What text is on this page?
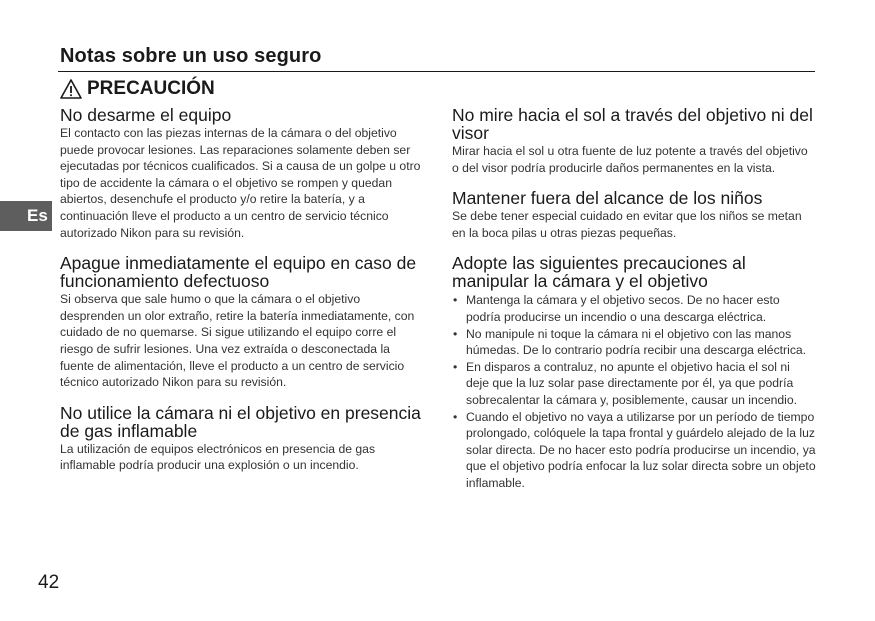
Notas sobre un uso seguro
PRECAUCIÓN
Es
No desarme el equipo

El contacto con las piezas internas de la cámara o del objetivo puede provocar lesiones. Las reparaciones solamente deben ser ejecutadas por técnicos cualificados. Si a causa de un golpe u otro tipo de accidente la cámara o el objetivo se rompen y quedan abiertos, desenchufe el producto y/o retire la batería, y a continuación lleve el producto a un centro de servicio técnico autorizado Nikon para su revisión.

Apague inmediatamente el equipo en caso de funcionamiento defectuoso

Si observa que sale humo o que la cámara o el objetivo desprenden un olor extraño, retire la batería inmediatamente, con cuidado de no quemarse. Si sigue utilizando el equipo corre el riesgo de sufrir lesiones. Una vez extraída o desconectada la fuente de alimentación, lleve el producto a un centro de servicio técnico autorizado Nikon para su revisión.

No utilice la cámara ni el objetivo en presencia de gas inflamable

La utilización de equipos electrónicos en presencia de gas inflamable podría producir una explosión o un incendio.

No mire hacia el sol a través del objetivo ni del visor

Mirar hacia el sol u otra fuente de luz potente a través del objetivo o del visor podría producirle daños permanentes en la vista.

Mantener fuera del alcance de los niños

Se debe tener especial cuidado en evitar que los niños se metan en la boca pilas u otras piezas pequeñas.

Adopte las siguientes precauciones al manipular la cámara y el objetivo
• Mantenga la cámara y el objetivo secos. De no hacer esto podría producirse un incendio o una descarga eléctrica.
• No manipule ni toque la cámara ni el objetivo con las manos húmedas. De lo contrario podría recibir una descarga eléctrica.
• En disparos a contraluz, no apunte el objetivo hacia el sol ni deje que la luz solar pase directamente por él, ya que podría sobrecalentar la cámara y, posiblemente, causar un incendio.
• Cuando el objetivo no vaya a utilizarse por un período de tiempo prolongado, colóquele la tapa frontal y guárdelo alejado de la luz solar directa. De no hacer esto podría producirse un incendio, ya que el objetivo podría enfocar la luz solar directa sobre un objeto inflamable.
42
